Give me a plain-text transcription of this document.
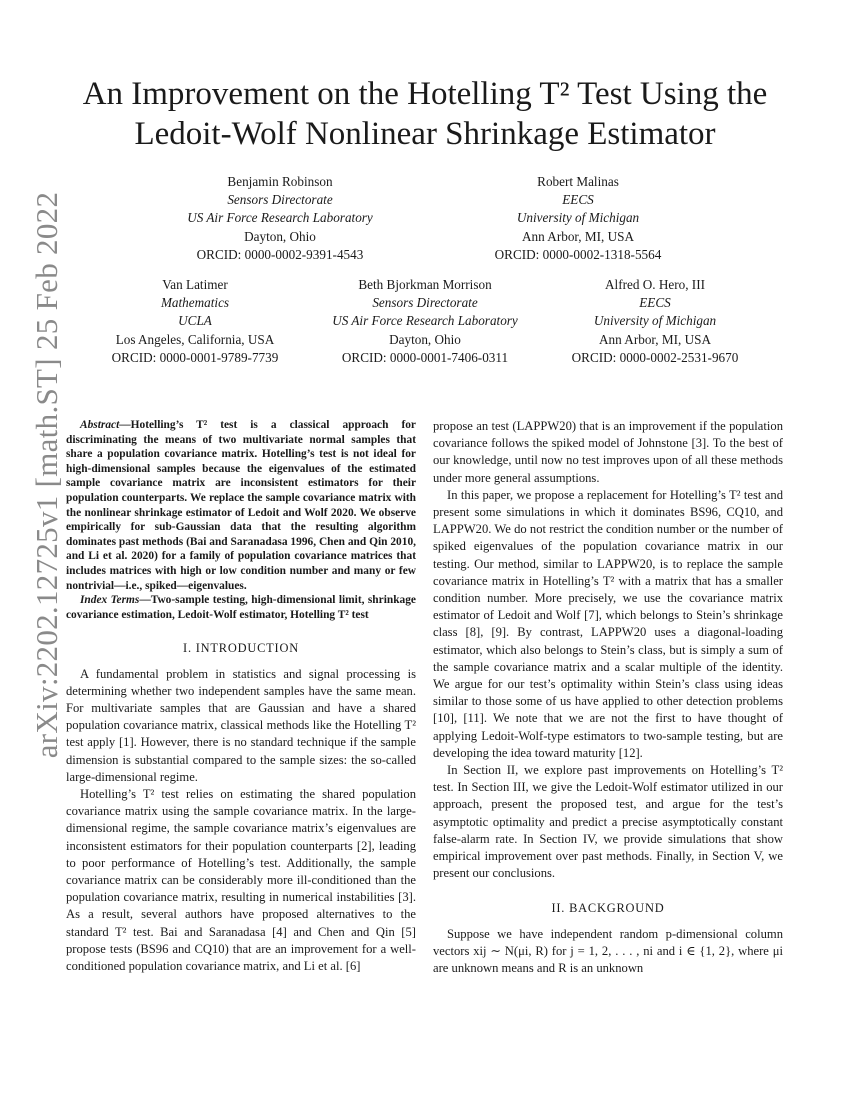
arXiv:2202.12725v1 [math.ST] 25 Feb 2022
An Improvement on the Hotelling T² Test Using the Ledoit-Wolf Nonlinear Shrinkage Estimator
Benjamin Robinson
Sensors Directorate
US Air Force Research Laboratory
Dayton, Ohio
ORCID: 0000-0002-9391-4543
Robert Malinas
EECS
University of Michigan
Ann Arbor, MI, USA
ORCID: 0000-0002-1318-5564
Van Latimer
Mathematics
UCLA
Los Angeles, California, USA
ORCID: 0000-0001-9789-7739
Beth Bjorkman Morrison
Sensors Directorate
US Air Force Research Laboratory
Dayton, Ohio
ORCID: 0000-0001-7406-0311
Alfred O. Hero, III
EECS
University of Michigan
Ann Arbor, MI, USA
ORCID: 0000-0002-2531-9670

Abstract—Hotelling’s T² test is a classical approach for discriminating the means of two multivariate normal samples that share a population covariance matrix. Hotelling’s test is not ideal for high-dimensional samples because the eigenvalues of the estimated sample covariance matrix are inconsistent estimators for their population counterparts. We replace the sample covariance matrix with the nonlinear shrinkage estimator of Ledoit and Wolf 2020. We observe empirically for sub-Gaussian data that the resulting algorithm dominates past methods (Bai and Saranadasa 1996, Chen and Qin 2010, and Li et al. 2020) for a family of population covariance matrices that includes matrices with high or low condition number and many or few nontrivial—i.e., spiked—eigenvalues.

Index Terms—Two-sample testing, high-dimensional limit, shrinkage covariance estimation, Ledoit-Wolf estimator, Hotelling T² test

I. INTRODUCTION

A fundamental problem in statistics and signal processing is determining whether two independent samples have the same mean. For multivariate samples that are Gaussian and have a shared population covariance matrix, classical methods like the Hotelling T² test apply [1]. However, there is no standard technique if the sample dimension is substantial compared to the sample sizes: the so-called large-dimensional regime.

Hotelling’s T² test relies on estimating the shared population covariance matrix using the sample covariance matrix. In the large-dimensional regime, the sample covariance matrix’s eigenvalues are inconsistent estimators for their population counterparts [2], leading to poor performance of Hotelling’s test. Additionally, the sample covariance matrix can be considerably more ill-conditioned than the population covariance matrix, resulting in numerical instabilities [3]. As a result, several authors have proposed alternatives to the standard T² test. Bai and Saranadasa [4] and Chen and Qin [5] propose tests (BS96 and CQ10) that are an improvement for a well-conditioned population covariance matrix, and Li et al. [6]

propose an test (LAPPW20) that is an improvement if the population covariance follows the spiked model of Johnstone [3]. To the best of our knowledge, until now no test improves upon of all these methods under more general assumptions.

In this paper, we propose a replacement for Hotelling’s T² test and present some simulations in which it dominates BS96, CQ10, and LAPPW20. We do not restrict the condition number or the number of spiked eigenvalues of the population covariance matrix in our testing. Our method, similar to LAPPW20, is to replace the sample covariance matrix in Hotelling’s T² with a matrix that has a smaller condition number. More precisely, we use the covariance matrix estimator of Ledoit and Wolf [7], which belongs to Stein’s shrinkage class [8], [9]. By contrast, LAPPW20 uses a diagonal-loading estimator, which also belongs to Stein’s class, but is simply a sum of the sample covariance matrix and a scalar multiple of the identity. We argue for our test’s optimality within Stein’s class using ideas similar to those some of us have applied to other detection problems [10], [11]. We note that we are not the first to have thought of applying Ledoit-Wolf-type estimators to two-sample testing, but are developing the idea toward maturity [12].

In Section II, we explore past improvements on Hotelling’s T² test. In Section III, we give the Ledoit-Wolf estimator utilized in our approach, present the proposed test, and argue for the test’s asymptotic optimality and predict a precise asymptotically constant false-alarm rate. In Section IV, we provide simulations that show empirical improvement over past methods. Finally, in Section V, we present our conclusions.

II. BACKGROUND

Suppose we have independent random p-dimensional column vectors xij ∼ N(μi, R) for j = 1, 2, . . . , ni and i ∈ {1, 2}, where μi are unknown means and R is an unknown
